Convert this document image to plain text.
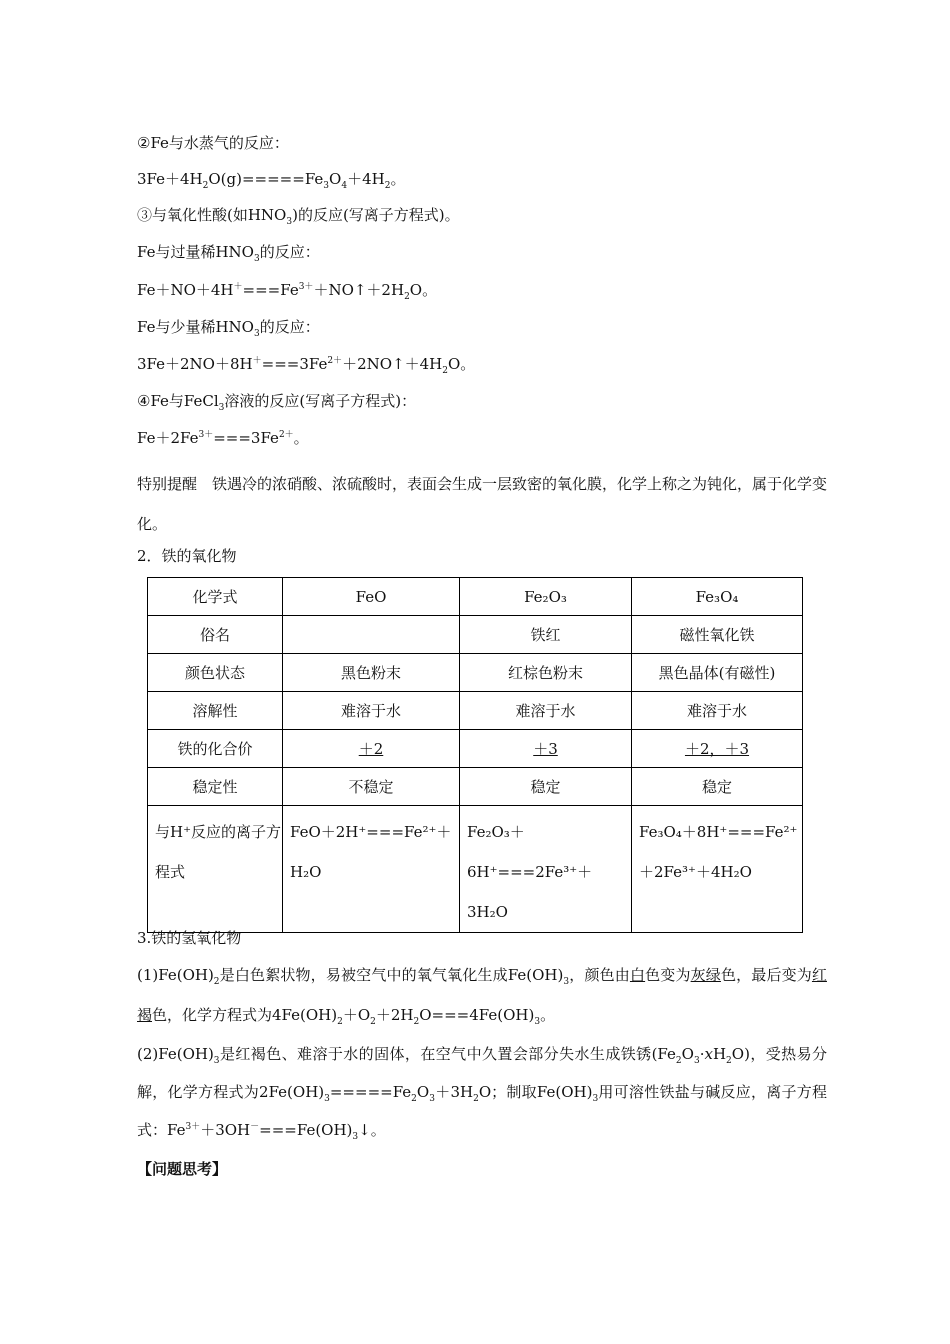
②Fe与水蒸气的反应：
$3Fe+4H_2O(g)=====Fe_3O_4+4H_2$。
③与氧化性酸(如$HNO_3$)的反应(写离子方程式)。
Fe与过量稀$HNO_3$的反应：
$Fe+NO+4H^+===Fe^{3+}+NO↑+2H_2O$。
Fe与少量稀$HNO_3$的反应：
$3Fe+2NO+8H^+===3Fe^{2+}+2NO↑+4H_2O$。
④Fe与FeCl$_3$溶液的反应(写离子方程式)：
$Fe+2Fe^{3+}===3Fe^{2+}$。
特别提醒　铁遇冷的浓硝酸、浓硫酸时，表面会生成一层致密的氧化膜，化学上称之为钝化，属于化学变化。
2．铁的氧化物
化学式	FeO	Fe₂O₃	Fe₃O₄
俗名		铁红	磁性氧化铁
颜色状态	黑色粉末	红棕色粉末	黑色晶体(有磁性)
溶解性	难溶于水	难溶于水	难溶于水
铁的化合价	＋2	＋3	＋2，＋3
稳定性	不稳定	稳定	稳定
与H⁺反应的离子方程式	FeO＋2H⁺===Fe²⁺＋H₂O	Fe₂O₃＋6H⁺===2Fe³⁺＋3H₂O	Fe₃O₄＋8H⁺===Fe²⁺＋2Fe³⁺＋4H₂O
3.铁的氢氧化物
$(1)Fe(OH)_2$是白色絮状物，易被空气中的氧气氧化生成$Fe(OH)_3$，颜色由白色变为灰绿色，最后变为红褐色，化学方程式为$4Fe(OH)_2+O_2+2H_2O===4Fe(OH)_3$。
$(2)Fe(OH)_3$是红褐色、难溶于水的固体，在空气中久置会部分失水生成铁锈$(Fe_2O_3\cdot xH_2O)$，受热易分解，化学方程式为$2Fe(OH)_3=====Fe_2O_3+3H_2O$；制取$Fe(OH)_3$用可溶性铁盐与碱反应，离子方程式：$Fe^{3+}+3OH^-===Fe(OH)_3↓$。
【问题思考】
